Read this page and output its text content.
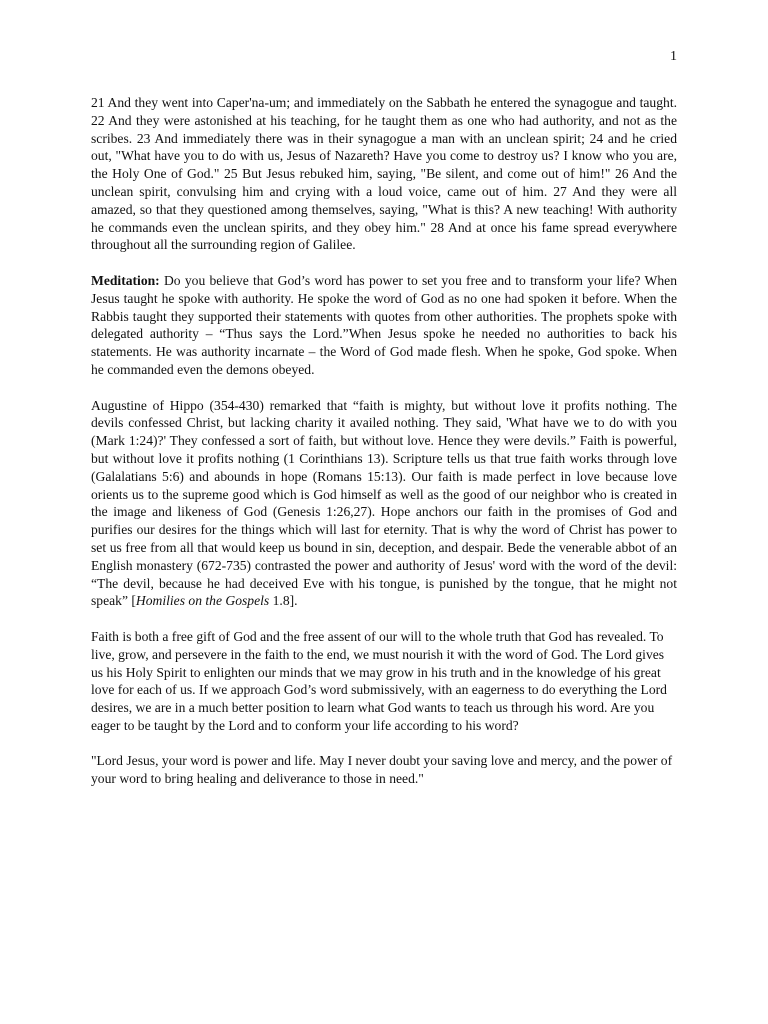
1

21 And they went into Caper'na-um; and immediately on the Sabbath he entered the synagogue and taught. 22 And they were astonished at his teaching, for he taught them as one who had authority, and not as the scribes. 23 And immediately there was in their synagogue a man with an unclean spirit; 24 and he cried out, "What have you to do with us, Jesus of Nazareth? Have you come to destroy us? I know who you are, the Holy One of God." 25 But Jesus rebuked him, saying, "Be silent, and come out of him!" 26 And the unclean spirit, convulsing him and crying with a loud voice, came out of him. 27 And they were all amazed, so that they questioned among themselves, saying, "What is this? A new teaching! With authority he commands even the unclean spirits, and they obey him." 28 And at once his fame spread everywhere throughout all the surrounding region of Galilee.

Meditation: Do you believe that God’s word has power to set you free and to transform your life? When Jesus taught he spoke with authority. He spoke the word of God as no one had spoken it before. When the Rabbis taught they supported their statements with quotes from other authorities. The prophets spoke with delegated authority – “Thus says the Lord.”When Jesus spoke he needed no authorities to back his statements. He was authority incarnate – the Word of God made flesh. When he spoke, God spoke. When he commanded even the demons obeyed.

Augustine of Hippo (354-430) remarked that “faith is mighty, but without love it profits nothing. The devils confessed Christ, but lacking charity it availed nothing. They said, 'What have we to do with you (Mark 1:24)?' They confessed a sort of faith, but without love. Hence they were devils.” Faith is powerful, but without love it profits nothing (1 Corinthians 13). Scripture tells us that true faith works through love (Galalatians 5:6) and abounds in hope (Romans 15:13). Our faith is made perfect in love because love orients us to the supreme good which is God himself as well as the good of our neighbor who is created in the image and likeness of God (Genesis 1:26,27). Hope anchors our faith in the promises of God and purifies our desires for the things which will last for eternity. That is why the word of Christ has power to set us free from all that would keep us bound in sin, deception, and despair. Bede the venerable abbot of an English monastery (672-735) contrasted the power and authority of Jesus' word with the word of the devil: “The devil, because he had deceived Eve with his tongue, is punished by the tongue, that he might not speak” [Homilies on the Gospels 1.8].

Faith is both a free gift of God and the free assent of our will to the whole truth that God has revealed. To live, grow, and persevere in the faith to the end, we must nourish it with the word of God. The Lord gives us his Holy Spirit to enlighten our minds that we may grow in his truth and in the knowledge of his great love for each of us. If we approach God’s word submissively, with an eagerness to do everything the Lord desires, we are in a much better position to learn what God wants to teach us through his word. Are you eager to be taught by the Lord and to conform your life according to his word?

"Lord Jesus, your word is power and life. May I never doubt your saving love and mercy, and the power of your word to bring healing and deliverance to those in need."
